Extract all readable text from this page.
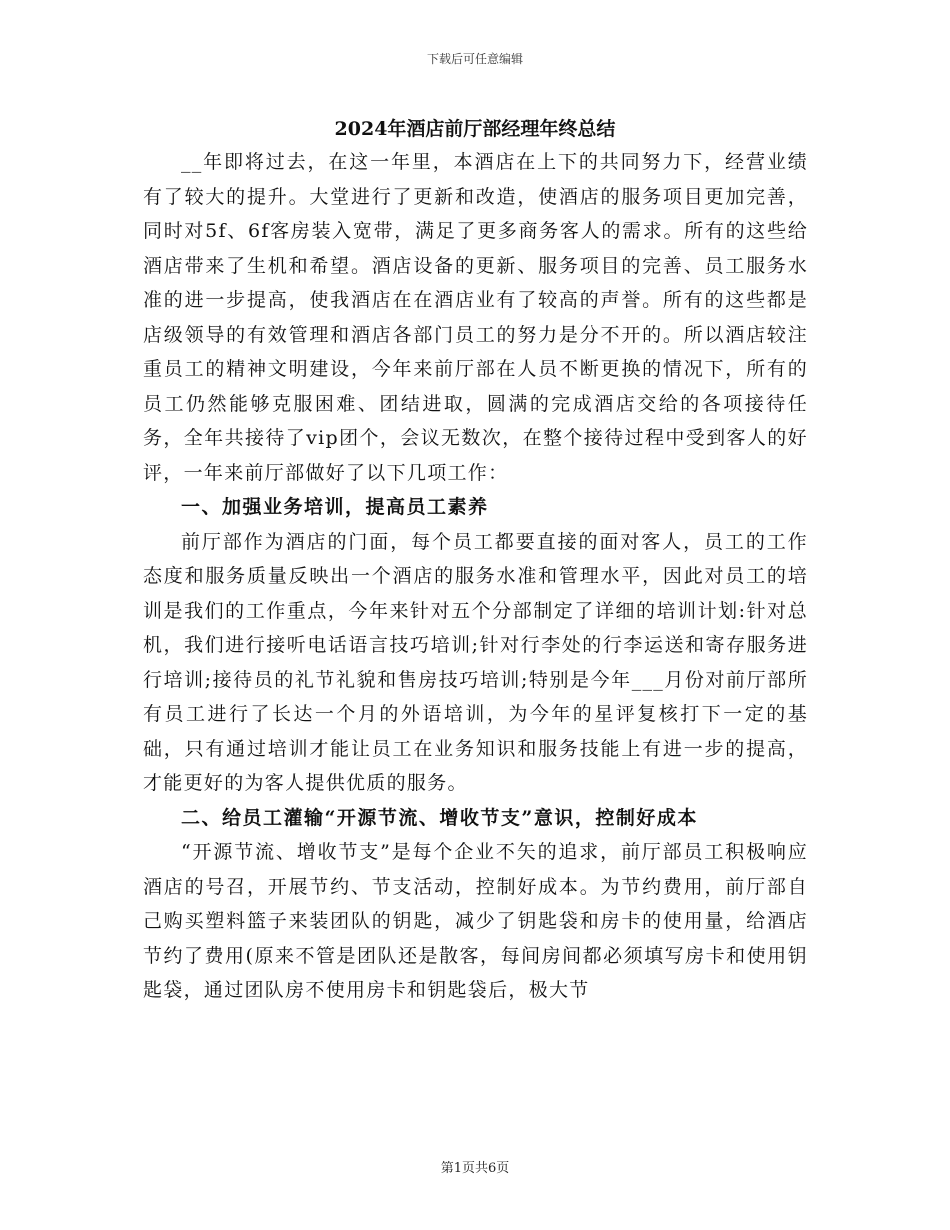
下载后可任意编辑
2024年酒店前厅部经理年终总结

__年即将过去，在这一年里，本酒店在上下的共同努力下，经营业绩有了较大的提升。大堂进行了更新和改造，使酒店的服务项目更加完善，同时对5f、6f客房装入宽带，满足了更多商务客人的需求。所有的这些给酒店带来了生机和希望。酒店设备的更新、服务项目的完善、员工服务水准的进一步提高，使我酒店在在酒店业有了较高的声誉。所有的这些都是店级领导的有效管理和酒店各部门员工的努力是分不开的。所以酒店较注重员工的精神文明建设，今年来前厅部在人员不断更换的情况下，所有的员工仍然能够克服困难、团结进取，圆满的完成酒店交给的各项接待任务，全年共接待了vip团个，会议无数次，在整个接待过程中受到客人的好评，一年来前厅部做好了以下几项工作：

一、加强业务培训，提高员工素养

前厅部作为酒店的门面，每个员工都要直接的面对客人，员工的工作态度和服务质量反映出一个酒店的服务水准和管理水平，因此对员工的培训是我们的工作重点，今年来针对五个分部制定了详细的培训计划:针对总机，我们进行接听电话语言技巧培训;针对行李处的行李运送和寄存服务进行培训;接待员的礼节礼貌和售房技巧培训;特别是今年___月份对前厅部所有员工进行了长达一个月的外语培训，为今年的星评复核打下一定的基础，只有通过培训才能让员工在业务知识和服务技能上有进一步的提高，才能更好的为客人提供优质的服务。

二、给员工灌输“开源节流、增收节支”意识，控制好成本

“开源节流、增收节支”是每个企业不矢的追求，前厅部员工积极响应酒店的号召，开展节约、节支活动，控制好成本。为节约费用，前厅部自己购买塑料篮子来装团队的钥匙，减少了钥匙袋和房卡的使用量，给酒店节约了费用(原来不管是团队还是散客，每间房间都必须填写房卡和使用钥匙袋，通过团队房不使用房卡和钥匙袋后，极大节

第1页共6页
